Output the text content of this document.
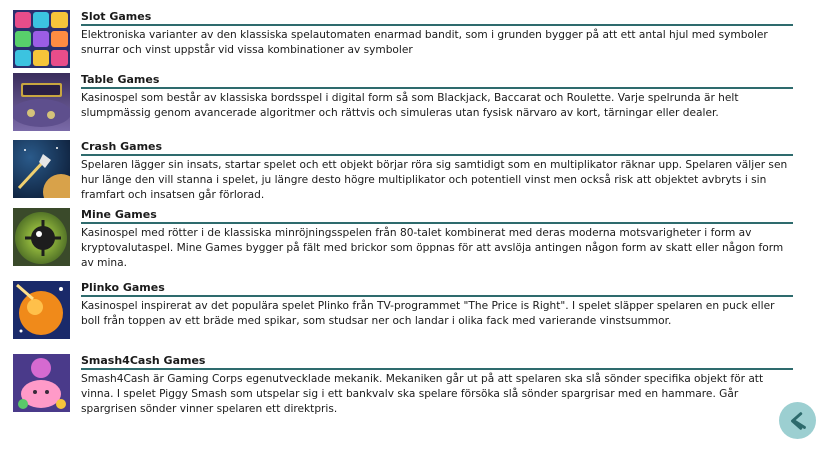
Slot Games
Elektroniska varianter av den klassiska spelautomaten enarmad bandit, som i grunden bygger på att ett antal hjul med symboler snurrar och vinst uppstår vid vissa kombinationer av symboler
Table Games
Kasinospel som består av klassiska bordsspel i digital form så som Blackjack, Baccarat och Roulette. Varje spelrunda är helt slumpmässig genom avancerade algoritmer och rättvis och simuleras utan fysisk närvaro av kort, tärningar eller dealer.
Crash Games
Spelaren lägger sin insats, startar spelet och ett objekt börjar röra sig samtidigt som en multiplikator räknar upp. Spelaren väljer sen hur länge den vill stanna i spelet, ju längre desto högre multiplikator och potentiell vinst men också risk att objektet avbryts i sin framfart och insatsen går förlorad.
Mine Games
Kasinospel med rötter i de klassiska minröjningsspelen från 80-talet kombinerat med deras moderna motsvarigheter i form av kryptovalutaspel. Mine Games bygger på fält med brickor som öppnas för att avslöja antingen någon form av skatt eller någon form av mina.
Plinko Games
Kasinospel inspirerat av det populära spelet Plinko från TV-programmet "The Price is Right". I spelet släpper spelaren en puck eller boll från toppen av ett bräde med spikar, som studsar ner och landar i olika fack med varierande vinstsummor.
Smash4Cash Games
Smash4Cash är Gaming Corps egenutvecklade mekanik. Mekaniken går ut på att spelaren ska slå sönder specifika objekt för att vinna. I spelet Piggy Smash som utspelar sig i ett bankvalv ska spelare försöka slå sönder spargrisar med en hammare. Går spargrisen sönder vinner spelaren ett direktpris.
